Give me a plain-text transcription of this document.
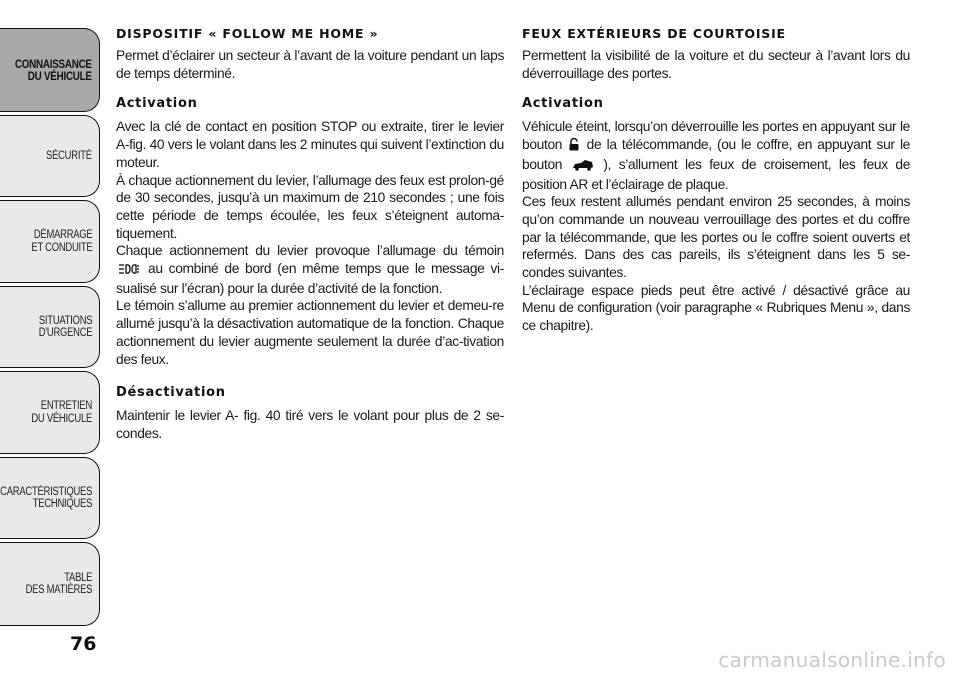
CONNAISSANCE
DU VÉHICULE
SÉCURITÉ
DÉMARRAGE
ET CONDUITE
SITUATIONS
D'URGENCE
ENTRETIEN
DU VÉHICULE
CARACTÉRISTIQUES
TECHNIQUES
TABLE
DES MATIÈRES
76
DISPOSITIF « FOLLOW ME HOME »

Permet d’éclairer un secteur à l’avant de la voiture pendant un laps de temps déterminé.

Activation

Avec la clé de contact en position STOP ou extraite, tirer le levier A-fig. 40 vers le volant dans les 2 minutes qui suivent l’extinction du moteur.

À chaque actionnement du levier, l’allumage des feux est prolon-gé de 30 secondes, jusqu’à un maximum de 210 secondes ; une fois cette période de temps écoulée, les feux s’éteignent automa-tiquement.

Chaque actionnement du levier provoque l’allumage du témoin  au combiné de bord (en même temps que le message vi-sualisé sur l’écran) pour la durée d’activité de la fonction.

Le témoin s’allume au premier actionnement du levier et demeu-re allumé jusqu’à la désactivation automatique de la fonction. Chaque actionnement du levier augmente seulement la durée d’ac-tivation des feux.

Désactivation

Maintenir le levier A- fig. 40 tiré vers le volant pour plus de 2 se-condes.

FEUX EXTÉRIEURS DE COURTOISIE

Permettent la visibilité de la voiture et du secteur à l’avant lors du déverrouillage des portes.

Activation

Véhicule éteint, lorsqu’on déverrouille les portes en appuyant sur le bouton de la télécommande, (ou le coffre, en appuyant sur le bouton	), s’allument les feux de croisement, les feux de position AR et l’éclairage de plaque.

Ces feux restent allumés pendant environ 25 secondes, à moins qu’on commande un nouveau verrouillage des portes et du coffre par la télécommande, que les portes ou le coffre soient ouverts et refermés. Dans des cas pareils, ils s’éteignent dans les 5 se-condes suivantes.

L’éclairage espace pieds peut être activé / désactivé grâce au Menu de configuration (voir paragraphe « Rubriques Menu », dans ce chapitre).

carmanualsonline.info
